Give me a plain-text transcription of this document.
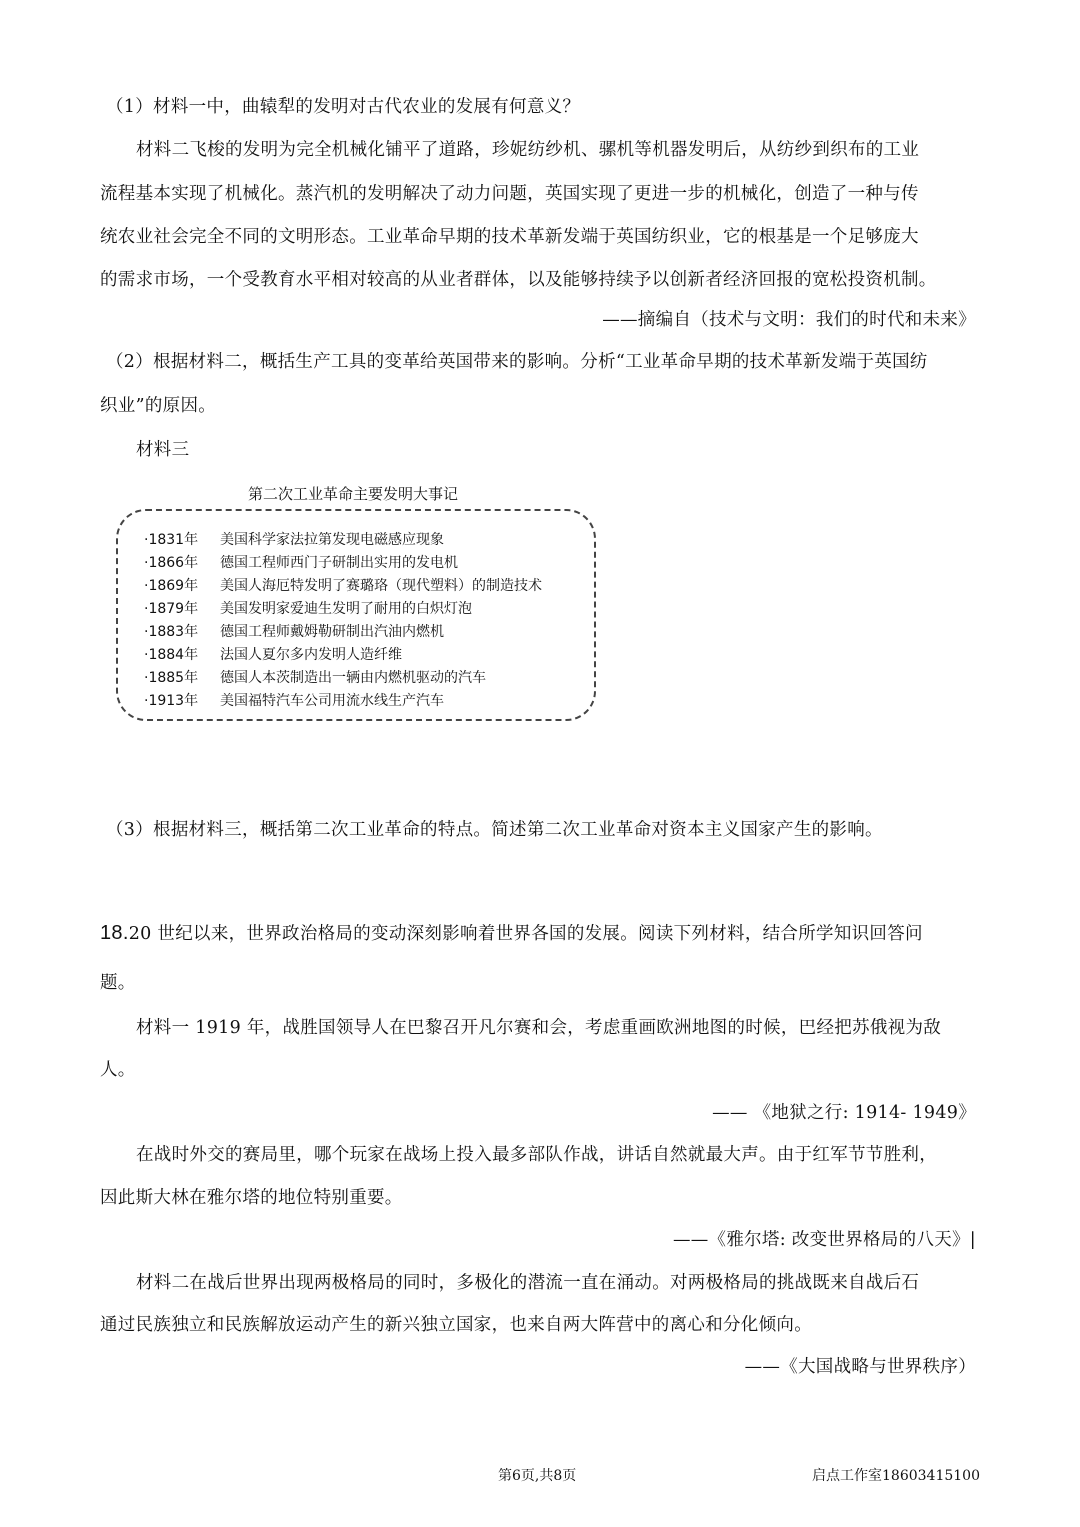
（1）材料一中，曲辕犁的发明对古代农业的发展有何意义？
材料二飞梭的发明为完全机械化铺平了道路，珍妮纺纱机、骡机等机器发明后，从纺纱到织布的工业
流程基本实现了机械化。蒸汽机的发明解决了动力问题，英国实现了更进一步的机械化，创造了一种与传
统农业社会完全不同的文明形态。工业革命早期的技术革新发端于英国纺织业，它的根基是一个足够庞大
的需求市场，一个受教育水平相对较高的从业者群体，以及能够持续予以创新者经济回报的宽松投资机制。
——摘编自（技术与文明：我们的时代和未来》
（2）根据材料二，概括生产工具的变革给英国带来的影响。分析“工业革命早期的技术革新发端于英国纺
织业”的原因。
材料三
第二次工业革命主要发明大事记
·1831年 美国科学家法拉第发现电磁感应现象
·1866年 德国工程师西门子研制出实用的发电机
·1869年 美国人海厄特发明了赛璐珞（现代塑料）的制造技术
·1879年 美国发明家爱迪生发明了耐用的白炽灯泡
·1883年 德国工程师戴姆勒研制出汽油内燃机
·1884年 法国人夏尔多内发明人造纤维
·1885年 德国人本茨制造出一辆由内燃机驱动的汽车
·1913年 美国福特汽车公司用流水线生产汽车
（3）根据材料三，概括第二次工业革命的特点。简述第二次工业革命对资本主义国家产生的影响。
18.20 世纪以来，世界政治格局的变动深刻影响着世界各国的发展。阅读下列材料，结合所学知识回答问
题。
材料一 1919 年，战胜国领导人在巴黎召开凡尔赛和会，考虑重画欧洲地图的时候，巴经把苏俄视为敌
人。
—— 《地狱之行: 1914- 1949》
在战时外交的赛局里，哪个玩家在战场上投入最多部队作战，讲话自然就最大声。由于红军节节胜利，
因此斯大林在雅尔塔的地位特别重要。
——《雅尔塔: 改变世界格局的八天》|
材料二在战后世界出现两极格局的同时，多极化的潜流一直在涌动。对两极格局的挑战既来自战后石
通过民族独立和民族解放运动产生的新兴独立国家，也来自两大阵营中的离心和分化倾向。
——《大国战略与世界秩序）
第6页,共8页	启点工作室18603415100
